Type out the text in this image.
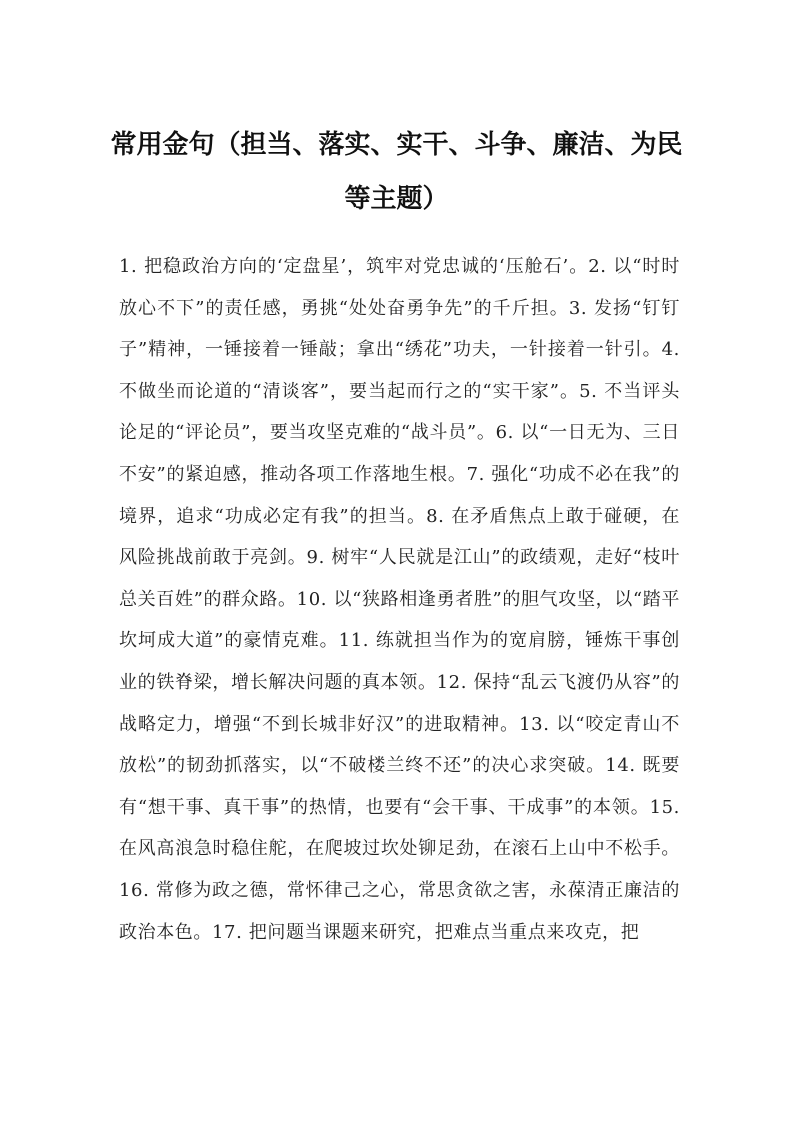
常用金句（担当、落实、实干、斗争、廉洁、为民等主题）

1. 把稳政治方向的‘定盘星’，筑牢对党忠诚的‘压舱石’。2. 以“时时放心不下”的责任感，勇挑“处处奋勇争先”的千斤担。3. 发扬“钉钉子”精神，一锤接着一锤敲；拿出“绣花”功夫，一针接着一针引。4. 不做坐而论道的“清谈客”，要当起而行之的“实干家”。5. 不当评头论足的“评论员”，要当攻坚克难的“战斗员”。6. 以“一日无为、三日不安”的紧迫感，推动各项工作落地生根。7. 强化“功成不必在我”的境界，追求“功成必定有我”的担当。8. 在矛盾焦点上敢于碰硬，在风险挑战前敢于亮剑。9. 树牢“人民就是江山”的政绩观，走好“枝叶总关百姓”的群众路。10. 以“狭路相逢勇者胜”的胆气攻坚，以“踏平坎坷成大道”的豪情克难。11. 练就担当作为的宽肩膀，锤炼干事创业的铁脊梁，增长解决问题的真本领。12. 保持“乱云飞渡仍从容”的战略定力，增强“不到长城非好汉”的进取精神。13. 以“咬定青山不放松”的韧劲抓落实，以“不破楼兰终不还”的决心求突破。14. 既要有“想干事、真干事”的热情，也要有“会干事、干成事”的本领。15. 在风高浪急时稳住舵，在爬坡过坎处铆足劲，在滚石上山中不松手。16. 常修为政之德，常怀律己之心，常思贪欲之害，永葆清正廉洁的政治本色。17. 把问题当课题来研究，把难点当重点来攻克，把
